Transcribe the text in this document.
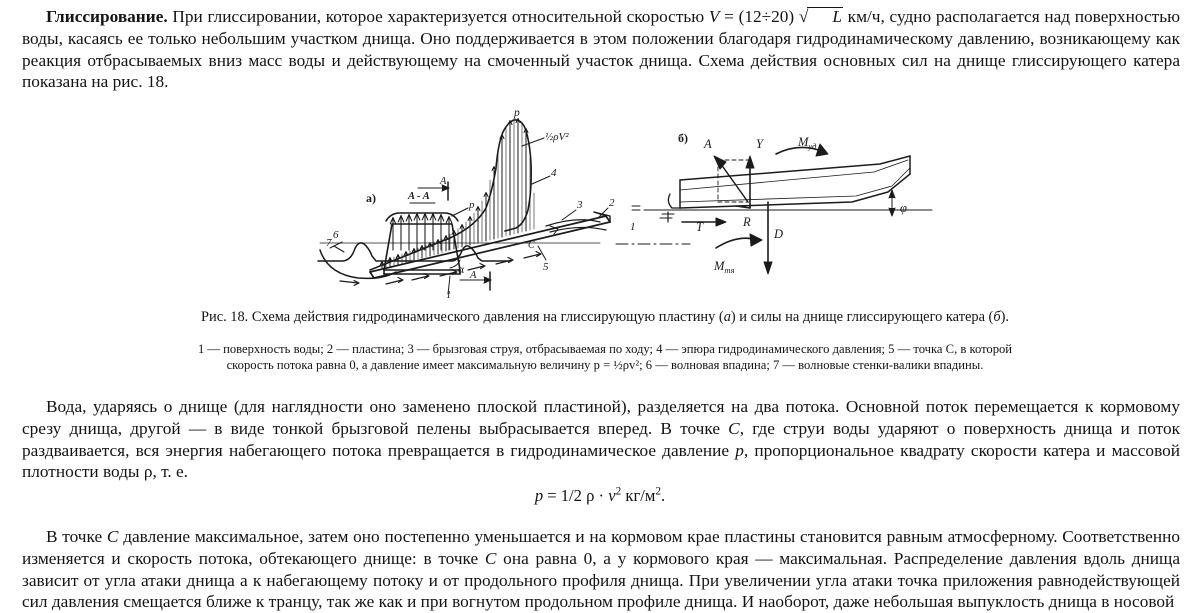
Глиссирование. При глиссировании, которое характеризуется относительной скоростью V = (12÷20) √ L км/ч, судно располагается над поверхностью воды, касаясь ее только небольшим участком днища. Оно поддерживается в этом положении благодаря гидродинамическому давлению, возникающему как реакция отбрасываемых вниз масс воды и действующему на смоченный участок днища. Схема действия основных сил на днище глиссирующего катера показана на рис. 18.

A - A
а)	p
7
p
½ρV²
4
3 2
1
6
5
C
α
A
A
1
A	Y	$M_{уд}$
б)
R
T	D
$M_{тя}$
φ
Рис. 18. Схема действия гидродинамического давления на глиссирующую пластину (а) и силы на днище глиссирующего катера (б).
1 — поверхность воды; 2 — пластина; 3 — брызговая струя, отбрасываемая по ходу; 4 — эпюра гидродинамического давления; 5 — точка C, в которой
скорость потока равна 0, а давление имеет максимальную величину p = ½ρv²; 6 — волновая впадина; 7 — волновые стенки-валики впадины.

Вода, ударяясь о днище (для наглядности оно заменено плоской пластиной), разделяется на два потока. Основной поток перемещается к кормовому срезу днища, другой — в виде тонкой брызговой пелены выбрасывается вперед. В точке C, где струи воды ударяют о поверхность днища и поток раздваивается, вся энергия набегающего потока превращается в гидродинамическое давление p, пропорциональное квадрату скорости катера и массовой плотности воды ρ, т. е.

p = 1/2 $\rho \cdot v^2$ $кг/м^2$.

В точке C давление максимальное, затем оно постепенно уменьшается и на кормовом крае пластины становится равным атмосферному. Соответственно изменяется и скорость потока, обтекающего днище: в точке C она равна 0, а у кормового края — максимальная. Распределение давления вдоль днища зависит от угла атаки днища а к набегающему потоку и от продольного профиля днища. При увеличении угла атаки точка приложения равнодействующей сил давления смещается ближе к транцу, так же как и при вогнутом продольном профиле днища. И наоборот, даже небольшая выпуклость днища в носовой
